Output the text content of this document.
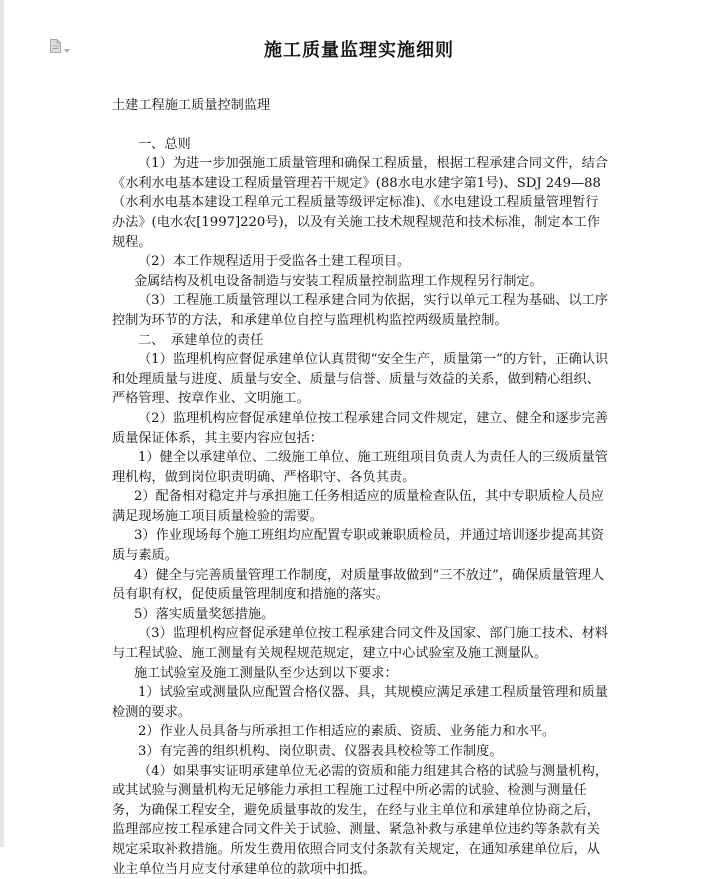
施工质量监理实施细则

土建工程施工质量控制监理

一、总则

（1）为进一步加强施工质量管理和确保工程质量，根据工程承建合同文件，结合《水利水电基本建设工程质量管理若干规定》(88水电水建字第1号)、SDJ 249—88（水利水电基本建设工程单元工程质量等级评定标准)、《水电建设工程质量管理暂行办法》(电水农[1997]220号)，以及有关施工技术规程规范和技术标准，制定本工作规程。

（2）本工作规程适用于受监各土建工程项目。

金属结构及机电设备制造与安装工程质量控制监理工作规程另行制定。

（3）工程施工质量管理以工程承建合同为依据，实行以单元工程为基础、以工序控制为环节的方法，和承建单位自控与监理机构监控两级质量控制。

二、　承建单位的责任

（1）监理机构应督促承建单位认真贯彻“安全生产，质量第一”的方针，正确认识和处理质量与进度、质量与安全、质量与信誉、质量与效益的关系，做到精心组织、严格管理、按章作业、文明施工。

（2）监理机构应督促承建单位按工程承建合同文件规定，建立、健全和逐步完善质量保证体系，其主要内容应包括：

1）健全以承建单位、二级施工单位、施工班组项目负责人为责任人的三级质量管理机构，做到岗位职责明确、严格职守、各负其责。

2）配备相对稳定并与承担施工任务相适应的质量检查队伍，其中专职质检人员应满足现场施工项目质量检验的需要。

3）作业现场每个施工班组均应配置专职或兼职质检员，并通过培训逐步提高其资质与素质。

4）健全与完善质量管理工作制度，对质量事故做到“三不放过”，确保质量管理人员有职有权，促使质量管理制度和措施的落实。

5）落实质量奖惩措施。

（3）监理机构应督促承建单位按工程承建合同文件及国家、部门施工技术、材料与工程试验、施工测量有关规程规范规定，建立中心试验室及施工测量队。

施工试验室及施工测量队至少达到以下要求：

1）试验室或测量队应配置合格仪器、具，其规模应满足承建工程质量管理和质量检测的要求。

2）作业人员具备与所承担工作相适应的素质、资质、业务能力和水平。

3）有完善的组织机构、岗位职责、仪器表具校检等工作制度。

（4）如果事实证明承建单位无必需的资质和能力组建其合格的试验与测量机构，或其试验与测量机构无足够能力承担工程施工过程中所必需的试验、检测与测量任务，为确保工程安全，避免质量事故的发生，在经与业主单位和承建单位协商之后，监理部应按工程承建合同文件关于试验、测量、紧急补救与承建单位违约等条款有关规定采取补救措施。所发生费用依照合同支付条款有关规定，在通知承建单位后，从业主单位当月应支付承建单位的款项中扣抵。
